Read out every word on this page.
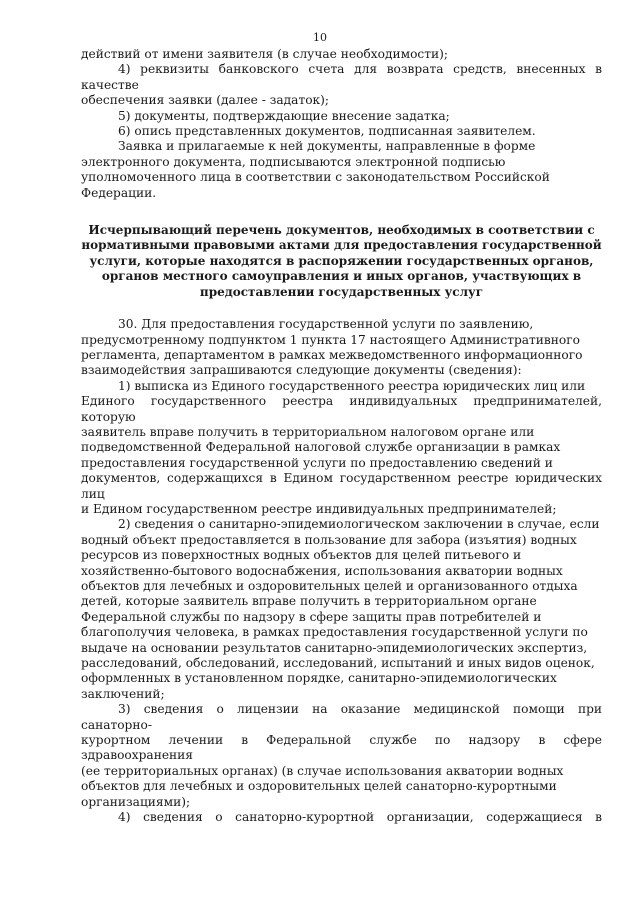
10

действий от имени заявителя (в случае необходимости);

4) реквизиты банковского счета для возврата средств, внесенных в качестве
обеспечения заявки (далее - задаток);

5) документы, подтверждающие внесение задатка;

6) опись представленных документов, подписанная заявителем.

Заявка и прилагаемые к ней документы, направленные в форме
электронного документа, подписываются электронной подписью
уполномоченного лица в соответствии с законодательством Российской
Федерации.

Исчерпывающий перечень документов, необходимых в соответствии с
нормативными правовыми актами для предоставления государственной
услуги, которые находятся в распоряжении государственных органов,
органов местного самоуправления и иных органов, участвующих в
предоставлении государственных услуг

30. Для предоставления государственной услуги по заявлению,
предусмотренному подпунктом 1 пункта 17 настоящего Административного
регламента, департаментом в рамках межведомственного информационного
взаимодействия запрашиваются следующие документы (сведения):

1) выписка из Единого государственного реестра юридических лиц или
Единого государственного реестра индивидуальных предпринимателей, которую
заявитель вправе получить в территориальном налоговом органе или
подведомственной Федеральной налоговой службе организации в рамках
предоставления государственной услуги по предоставлению сведений и
документов, содержащихся в Едином государственном реестре юридических лиц
и Едином государственном реестре индивидуальных предпринимателей;

2) сведения о санитарно-эпидемиологическом заключении в случае, если
водный объект предоставляется в пользование для забора (изъятия) водных
ресурсов из поверхностных водных объектов для целей питьевого и
хозяйственно-бытового водоснабжения, использования акватории водных
объектов для лечебных и оздоровительных целей и организованного отдыха
детей, которые заявитель вправе получить в территориальном органе
Федеральной службы по надзору в сфере защиты прав потребителей и
благополучия человека, в рамках предоставления государственной услуги по
выдаче на основании результатов санитарно-эпидемиологических экспертиз,
расследований, обследований, исследований, испытаний и иных видов оценок,
оформленных в установленном порядке, санитарно-эпидемиологических
заключений;

3) сведения о лицензии на оказание медицинской помощи при санаторно-
курортном лечении в Федеральной службе по надзору в сфере здравоохранения
(ее территориальных органах) (в случае использования акватории водных
объектов для лечебных и оздоровительных целей санаторно-курортными
организациями);

4) сведения о санаторно-курортной организации, содержащиеся в
